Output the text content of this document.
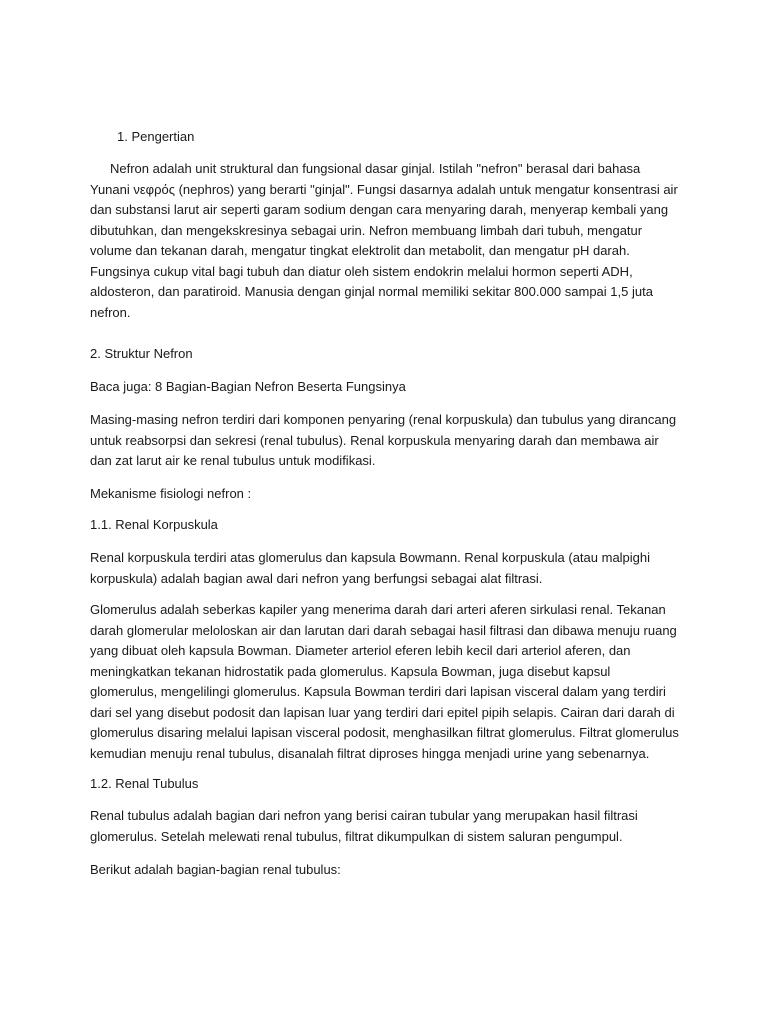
1. Pengertian

Nefron adalah unit struktural dan fungsional dasar ginjal. Istilah "nefron" berasal dari bahasa Yunani νεφρός (nephros) yang berarti "ginjal". Fungsi dasarnya adalah untuk mengatur konsentrasi air dan substansi larut air seperti garam sodium dengan cara menyaring darah, menyerap kembali yang dibutuhkan, dan mengekskresinya sebagai urin. Nefron membuang limbah dari tubuh, mengatur volume dan tekanan darah, mengatur tingkat elektrolit dan metabolit, dan mengatur pH darah. Fungsinya cukup vital bagi tubuh dan diatur oleh sistem endokrin melalui hormon seperti ADH, aldosteron, dan paratiroid. Manusia dengan ginjal normal memiliki sekitar 800.000 sampai 1,5 juta nefron.

2. Struktur Nefron

Baca juga: 8 Bagian-Bagian Nefron Beserta Fungsinya

Masing-masing nefron terdiri dari komponen penyaring (renal korpuskula) dan tubulus yang dirancang untuk reabsorpsi dan sekresi (renal tubulus). Renal korpuskula menyaring darah dan membawa air dan zat larut air ke renal tubulus untuk modifikasi.

Mekanisme fisiologi nefron :

1.1. Renal Korpuskula

Renal korpuskula terdiri atas glomerulus dan kapsula Bowmann. Renal korpuskula (atau malpighi korpuskula) adalah bagian awal dari nefron yang berfungsi sebagai alat filtrasi.

Glomerulus adalah seberkas kapiler yang menerima darah dari arteri aferen sirkulasi renal. Tekanan darah glomerular meloloskan air dan larutan dari darah sebagai hasil filtrasi dan dibawa menuju ruang yang dibuat oleh kapsula Bowman. Diameter arteriol eferen lebih kecil dari arteriol aferen, dan meningkatkan tekanan hidrostatik pada glomerulus. Kapsula Bowman, juga disebut kapsul glomerulus, mengelilingi glomerulus. Kapsula Bowman terdiri dari lapisan visceral dalam yang terdiri dari sel yang disebut podosit dan lapisan luar yang terdiri dari epitel pipih selapis. Cairan dari darah di glomerulus disaring melalui lapisan visceral podosit, menghasilkan filtrat glomerulus. Filtrat glomerulus kemudian menuju renal tubulus, disanalah filtrat diproses hingga menjadi urine yang sebenarnya.

1.2. Renal Tubulus

Renal tubulus adalah bagian dari nefron yang berisi cairan tubular yang merupakan hasil filtrasi glomerulus. Setelah melewati renal tubulus, filtrat dikumpulkan di sistem saluran pengumpul.

Berikut adalah bagian-bagian renal tubulus:
